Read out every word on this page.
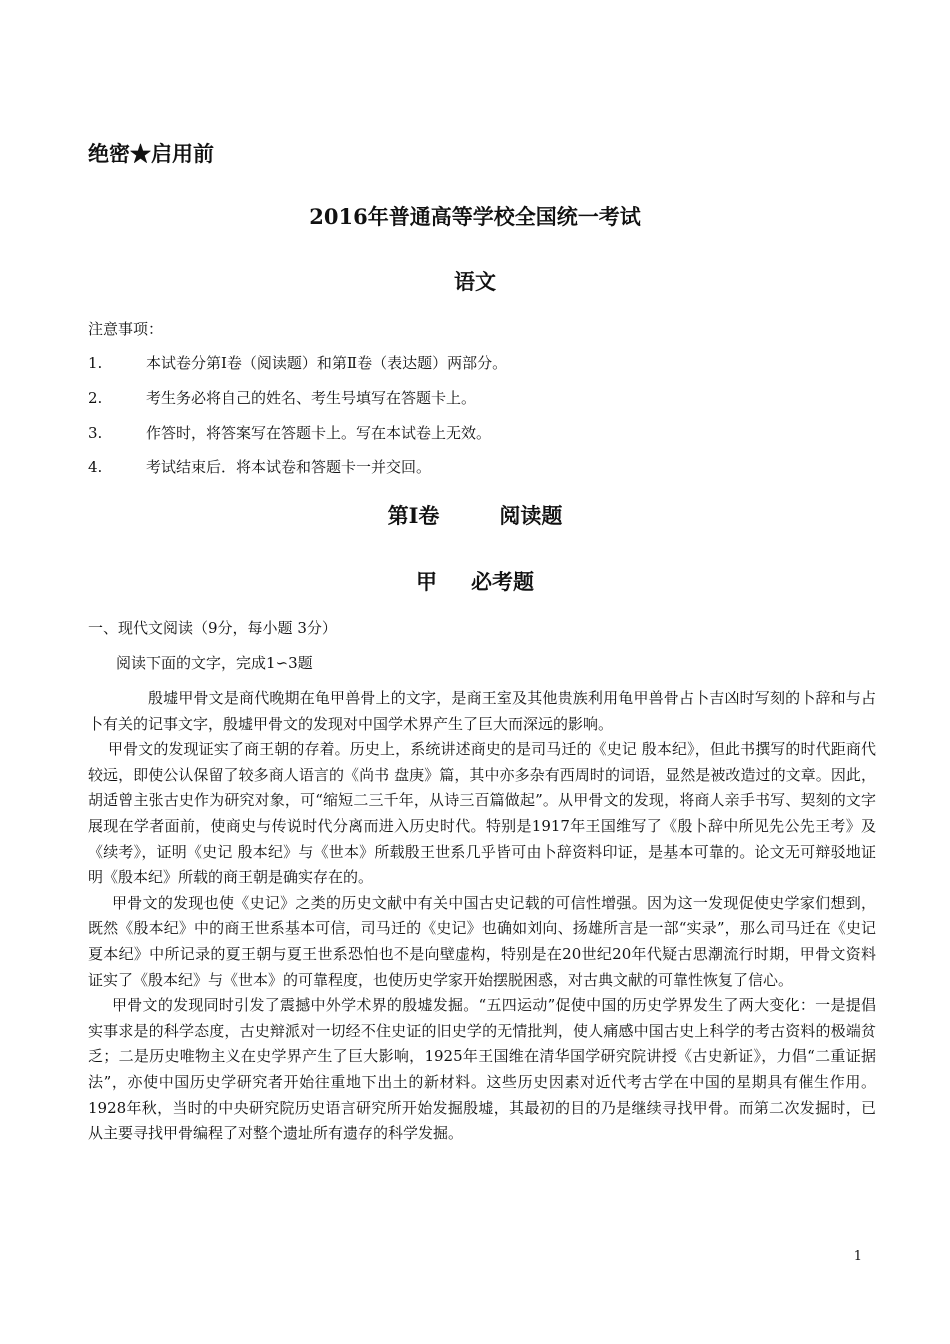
绝密★启用前
2016年普通高等学校全国统一考试
语文
注意事项：
1.	本试卷分第Ⅰ卷（阅读题）和第Ⅱ卷（表达题）两部分。
2.	考生务必将自己的姓名、考生号填写在答题卡上。
3.	作答时，将答案写在答题卡上。写在本试卷上无效。
4.	考试结束后．将本试卷和答题卡一并交回。
第Ⅰ卷	阅读题
甲 必考题
一、现代文阅读（9分，每小题 3分）
阅读下面的文字，完成1∽3题

殷墟甲骨文是商代晚期在龟甲兽骨上的文字，是商王室及其他贵族利用龟甲兽骨占卜吉凶时写刻的卜辞和与占卜有关的记事文字，殷墟甲骨文的发现对中国学术界产生了巨大而深远的影响。

甲骨文的发现证实了商王朝的存着。历史上，系统讲述商史的是司马迁的《史记 殷本纪》，但此书撰写的时代距商代较远，即使公认保留了较多商人语言的《尚书 盘庚》篇，其中亦多杂有西周时的词语，显然是被改造过的文章。因此，胡适曾主张古史作为研究对象，可“缩短二三千年，从诗三百篇做起”。从甲骨文的发现，将商人亲手书写、契刻的文字展现在学者面前，使商史与传说时代分离而进入历史时代。特别是1917年王国维写了《殷卜辞中所见先公先王考》及《续考》，证明《史记 殷本纪》与《世本》所载殷王世系几乎皆可由卜辞资料印证，是基本可靠的。论文无可辩驳地证明《殷本纪》所载的商王朝是确实存在的。

甲骨文的发现也使《史记》之类的历史文献中有关中国古史记载的可信性增强。因为这一发现促使史学家们想到，既然《殷本纪》中的商王世系基本可信，司马迁的《史记》也确如刘向、扬雄所言是一部“实录”，那么司马迁在《史记 夏本纪》中所记录的夏王朝与夏王世系恐怕也不是向壁虚构，特别是在20世纪20年代疑古思潮流行时期，甲骨文资料证实了《殷本纪》与《世本》的可靠程度，也使历史学家开始摆脱困惑，对古典文献的可靠性恢复了信心。

甲骨文的发现同时引发了震撼中外学术界的殷墟发掘。“五四运动”促使中国的历史学界发生了两大变化：一是提倡实事求是的科学态度，古史辩派对一切经不住史证的旧史学的无情批判，使人痛感中国古史上科学的考古资料的极端贫乏；二是历史唯物主义在史学界产生了巨大影响，1925年王国维在清华国学研究院讲授《古史新证》，力倡“二重证据法”，亦使中国历史学研究者开始往重地下出土的新材料。这些历史因素对近代考古学在中国的星期具有催生作用。1928年秋，当时的中央研究院历史语言研究所开始发掘殷墟，其最初的目的乃是继续寻找甲骨。而第二次发掘时，已从主要寻找甲骨编程了对整个遗址所有遗存的科学发掘。

1
